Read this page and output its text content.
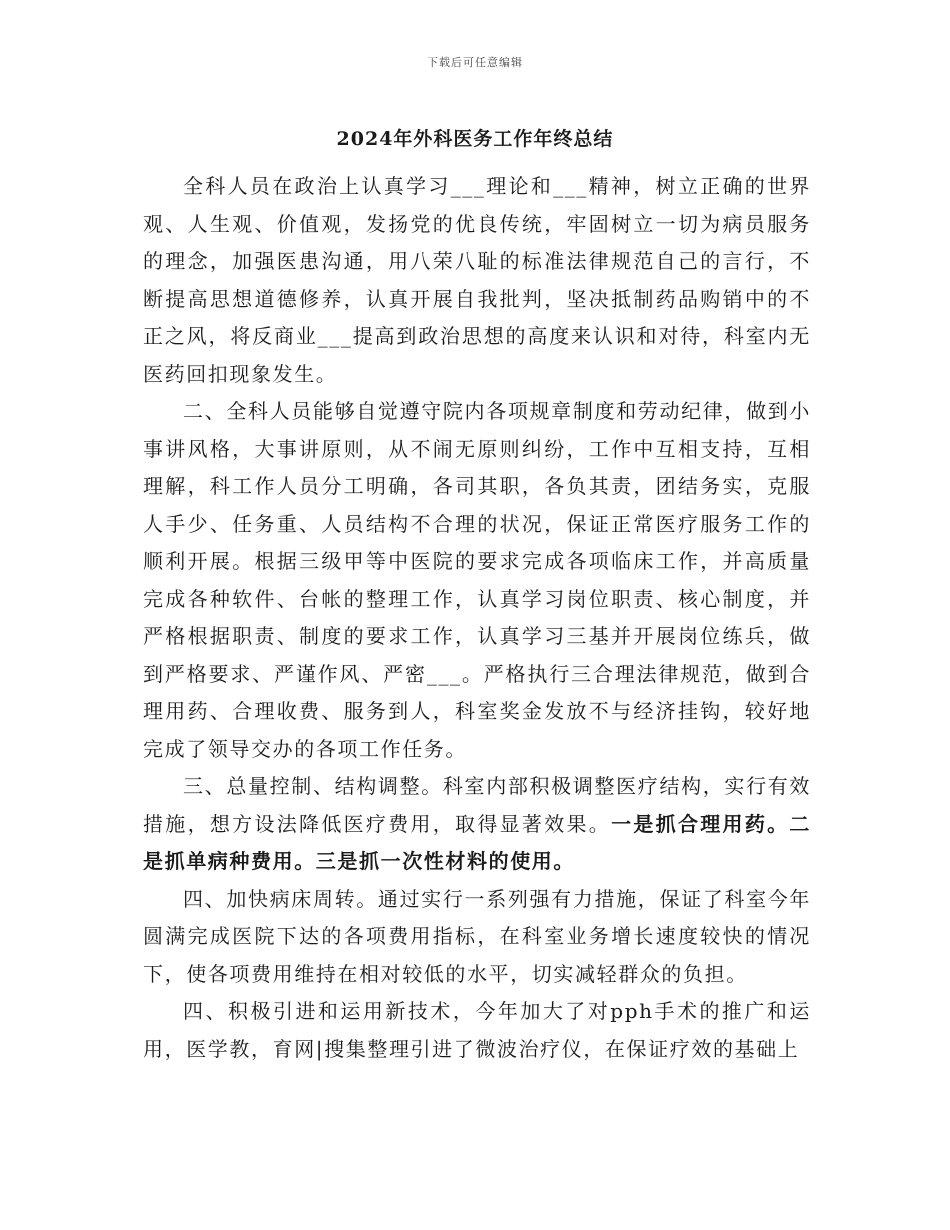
下载后可任意编辑
2024年外科医务工作年终总结

全科人员在政治上认真学习___理论和___精神，树立正确的世界观、人生观、价值观，发扬党的优良传统，牢固树立一切为病员服务的理念，加强医患沟通，用八荣八耻的标准法律规范自己的言行，不断提高思想道德修养，认真开展自我批判，坚决抵制药品购销中的不正之风，将反商业___提高到政治思想的高度来认识和对待，科室内无医药回扣现象发生。

二、全科人员能够自觉遵守院内各项规章制度和劳动纪律，做到小事讲风格，大事讲原则，从不闹无原则纠纷，工作中互相支持，互相理解，科工作人员分工明确，各司其职，各负其责，团结务实，克服人手少、任务重、人员结构不合理的状况，保证正常医疗服务工作的顺利开展。根据三级甲等中医院的要求完成各项临床工作，并高质量完成各种软件、台帐的整理工作，认真学习岗位职责、核心制度，并严格根据职责、制度的要求工作，认真学习三基并开展岗位练兵，做到严格要求、严谨作风、严密___。严格执行三合理法律规范，做到合理用药、合理收费、服务到人，科室奖金发放不与经济挂钩，较好地完成了领导交办的各项工作任务。

三、总量控制、结构调整。科室内部积极调整医疗结构，实行有效措施，想方设法降低医疗费用，取得显著效果。一是抓合理用药。二是抓单病种费用。三是抓一次性材料的使用。

四、加快病床周转。通过实行一系列强有力措施，保证了科室今年圆满完成医院下达的各项费用指标，在科室业务增长速度较快的情况下，使各项费用维持在相对较低的水平，切实减轻群众的负担。

四、积极引进和运用新技术，今年加大了对pph手术的推广和运用，医学教，育网|搜集整理引进了微波治疗仪，在保证疗效的基础上
